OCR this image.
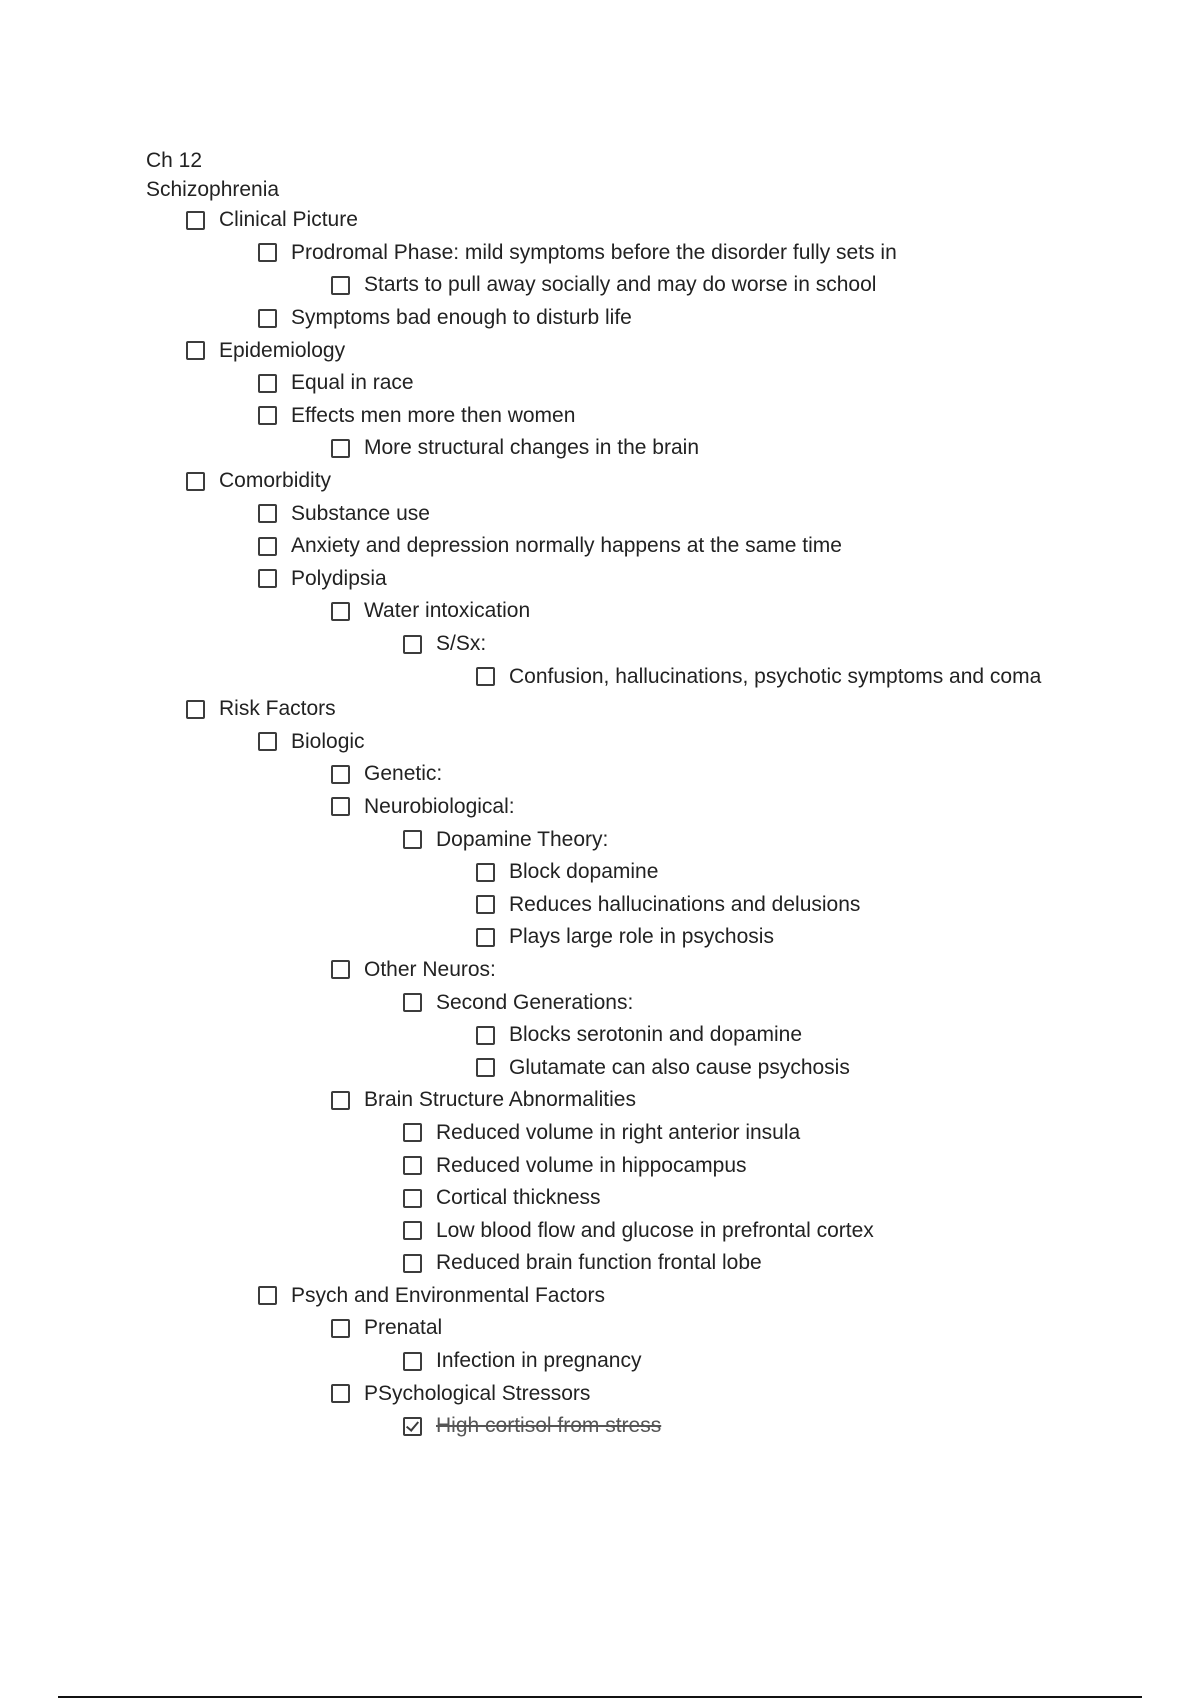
Ch 12
Schizophrenia
Clinical Picture
Prodromal Phase: mild symptoms before the disorder fully sets in
Starts to pull away socially and may do worse in school
Symptoms bad enough to disturb life
Epidemiology
Equal in race
Effects men more then women
More structural changes in the brain
Comorbidity
Substance use
Anxiety and depression normally happens at the same time
Polydipsia
Water intoxication
S/Sx:
Confusion, hallucinations, psychotic symptoms and coma
Risk Factors
Biologic
Genetic:
Neurobiological:
Dopamine Theory:
Block dopamine
Reduces hallucinations and delusions
Plays large role in psychosis
Other Neuros:
Second Generations:
Blocks serotonin and dopamine
Glutamate can also cause psychosis
Brain Structure Abnormalities
Reduced volume in right anterior insula
Reduced volume in hippocampus
Cortical thickness
Low blood flow and glucose in prefrontal cortex
Reduced brain function frontal lobe
Psych and Environmental Factors
Prenatal
Infection in pregnancy
PSychological Stressors
High cortisol from stress
